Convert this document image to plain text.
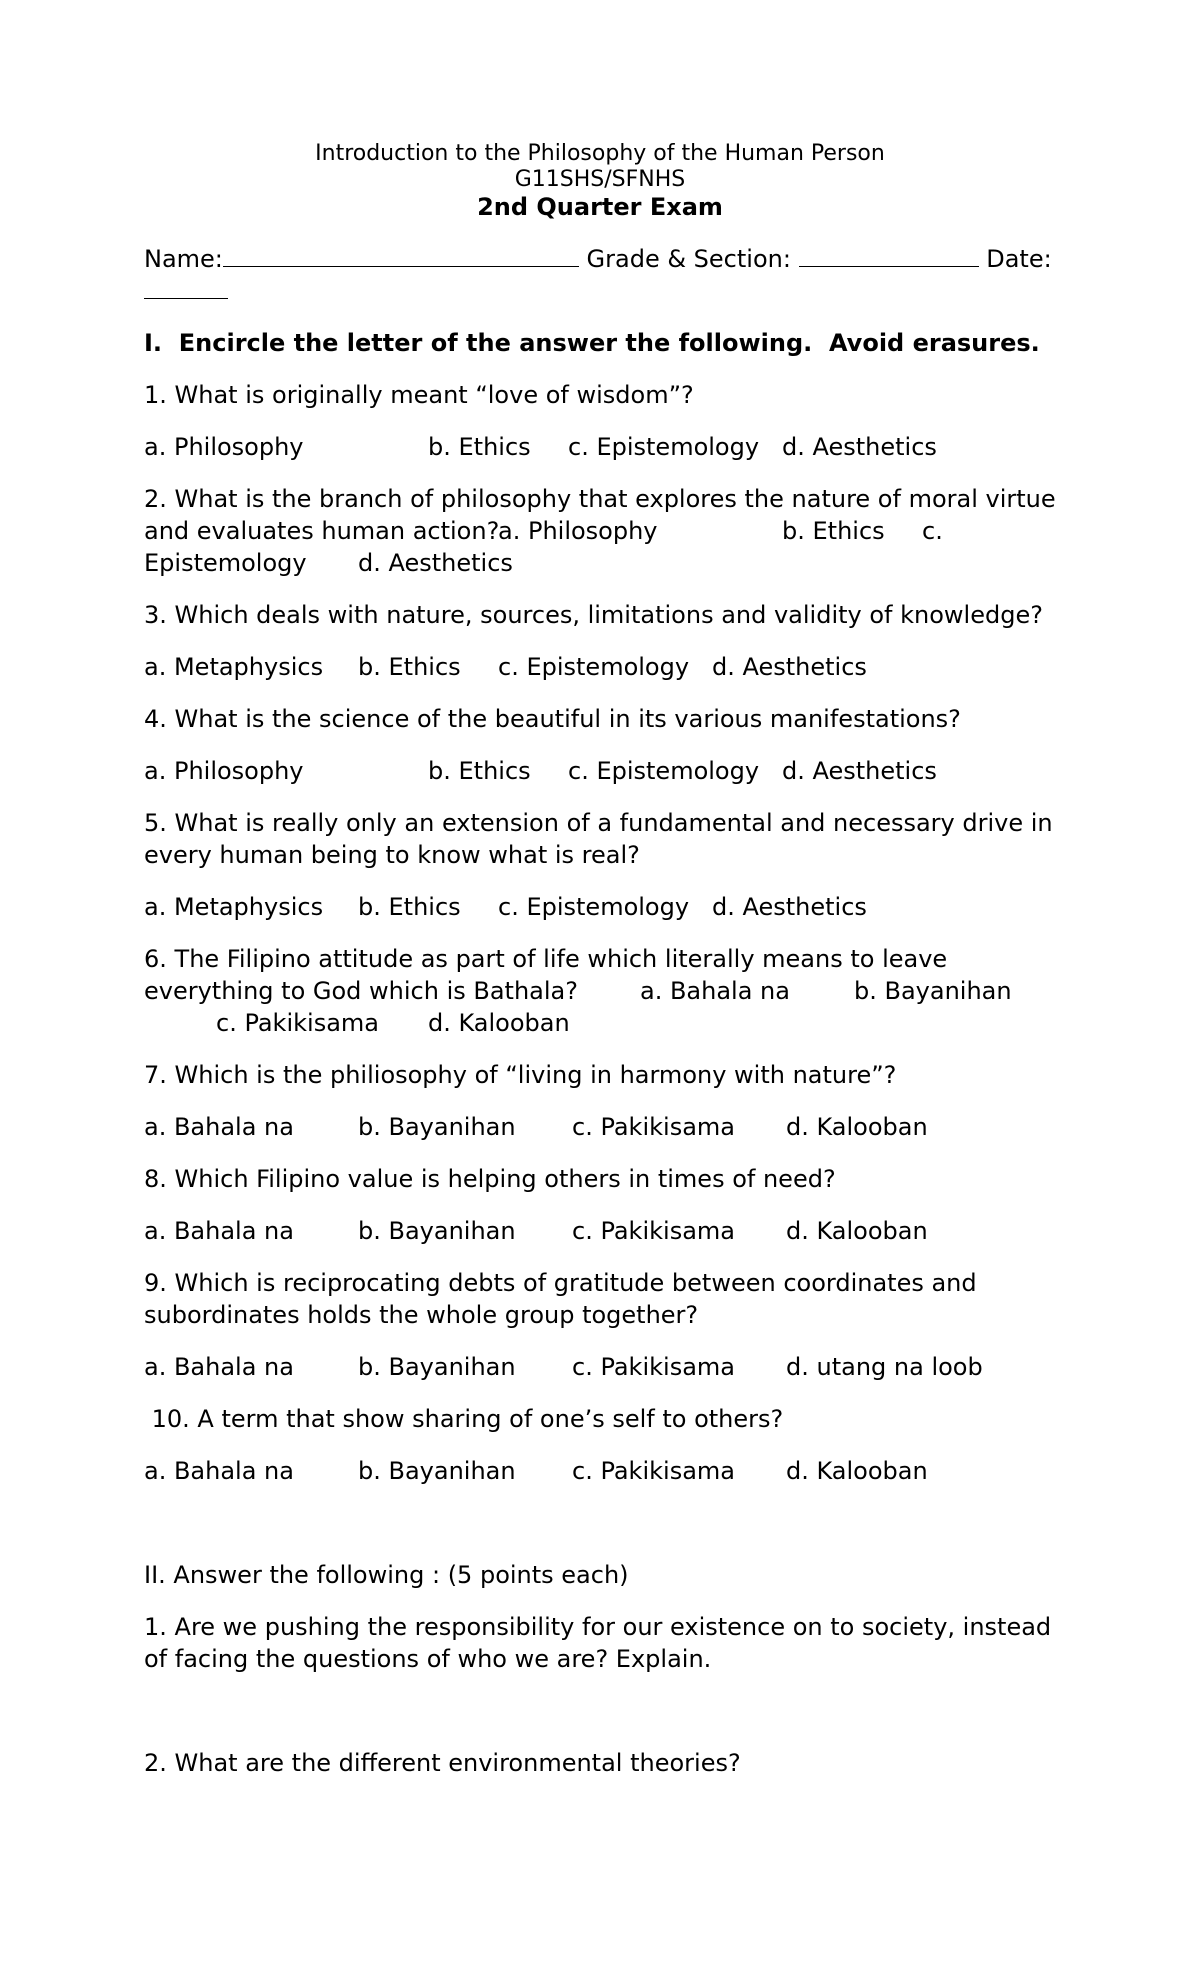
Introduction to the Philosophy of the Human Person
G11SHS/SFNHS
2nd Quarter Exam
Name:	Grade & Section:	Date:
I.  Encircle the letter of the answer the following.  Avoid erasures.
1. What is originally meant “love of wisdom”?
a. Philosophy	b. Ethics c. Epistemology d. Aesthetics
2. What is the branch of philosophy that explores the nature of moral virtue
and evaluates human action?
a. Philosophy	b. Ethics c.
Epistemology d. Aesthetics
3. Which deals with nature, sources, limitations and validity of knowledge?
a. Metaphysics b. Ethics c. Epistemology d. Aesthetics
4. What is the science of the beautiful in its various manifestations?
a. Philosophy	b. Ethics c. Epistemology d. Aesthetics
5. What is really only an extension of a fundamental and necessary drive in
every human being to know what is real?
a. Metaphysics b. Ethics c. Epistemology d. Aesthetics
6. The Filipino attitude as part of life which literally means to leave
everything to God which is Bathala?	a. Bahala na	b. Bayanihan
c. Pakikisama d. Kalooban
7. Which is the philiosophy of “living in harmony with nature”?
a. Bahala na	b. Bayanihan c. Pakikisama d. Kalooban
8. Which Filipino value is helping others in times of need?
a. Bahala na	b. Bayanihan c. Pakikisama d. Kalooban
9. Which is reciprocating debts of gratitude between coordinates and
subordinates holds the whole group together?
a. Bahala na	b. Bayanihan c. Pakikisama d. utang na loob
10. A term that show sharing of one’s self to others?
a. Bahala na	b. Bayanihan c. Pakikisama d. Kalooban
II. Answer the following : (5 points each)
1. Are we pushing the responsibility for our existence on to society, instead
of facing the questions of who we are? Explain.
2. What are the different environmental theories?
